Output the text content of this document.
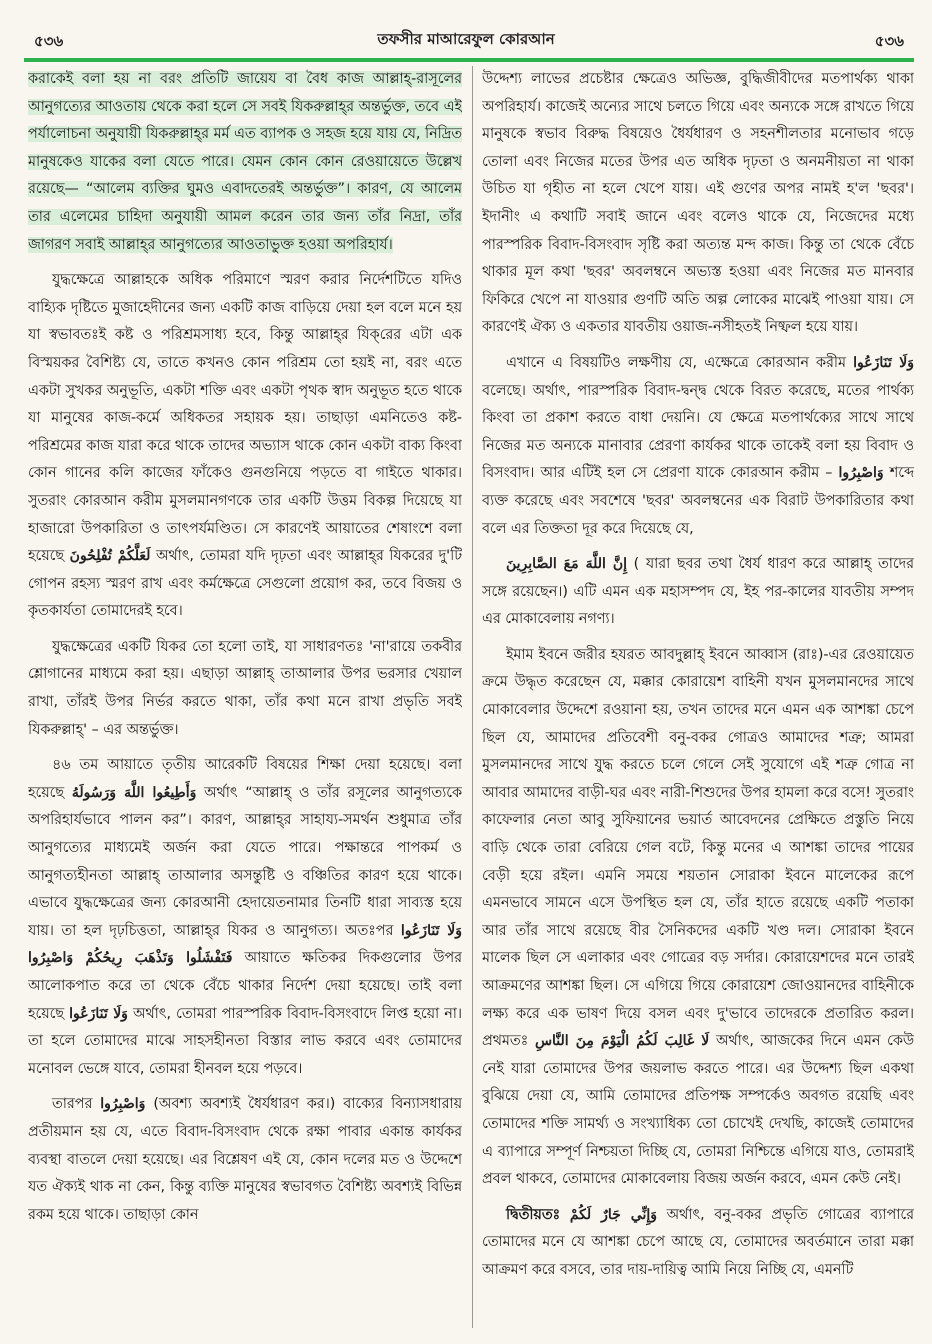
৫৩৬	তফসীর মাআরেফুল কোরআন	৫৩৬

করাকেই বলা হয় না বরং প্রতিটি জায়েয বা বৈধ কাজ আল্লাহ্‌-রাসূলের আনুগত্যের আওতায় থেকে করা হলে সে সবই যিকরুল্লাহ্‌র অন্তর্ভুক্ত, তবে এই পর্যালোচনা অনুযায়ী যিকরুল্লাহ্‌র মর্ম এত ব্যাপক ও সহজ হয়ে যায় যে, নিদ্রিত মানুষকেও যাকের বলা যেতে পারে। যেমন কোন কোন রেওয়ায়েতে উল্লেখ রয়েছে— “আলেম ব্যক্তির ঘুমও এবাদতেরই অন্তর্ভুক্ত”। কারণ, যে আলেম তার এলেমের চাহিদা অনুযায়ী আমল করেন তার জন্য তাঁর নিদ্রা, তাঁর জাগরণ সবাই আল্লাহ্‌র আনুগত্যের আওতাভুক্ত হওয়া অপরিহার্য।

যুদ্ধক্ষেত্রে আল্লাহকে অধিক পরিমাণে স্মরণ করার নির্দেশটিতে যদিও বাহ্যিক দৃষ্টিতে মুজাহেদীনের জন্য একটি কাজ বাড়িয়ে দেয়া হল বলে মনে হয় যা স্বভাবতঃই কষ্ট ও পরিশ্রমসাধ্য হবে, কিন্তু আল্লাহ্‌র যিক্‌রের এটা এক বিস্ময়কর বৈশিষ্ট্য যে, তাতে কখনও কোন পরিশ্রম তো হয়ই না, বরং এতে একটা সুখকর অনুভূতি, একটা শক্তি এবং একটা পৃথক স্বাদ অনুভূত হতে থাকে যা মানুষের কাজ-কর্মে অধিকতর সহায়ক হয়। তাছাড়া এমনিতেও কষ্ট-পরিশ্রমের কাজ যারা করে থাকে তাদের অভ্যাস থাকে কোন একটা বাক্য কিংবা কোন গানের কলি কাজের ফাঁকেও গুনগুনিয়ে পড়তে বা গাইতে থাকার। সুতরাং কোরআন করীম মুসলমানগণকে তার একটি উত্তম বিকল্প দিয়েছে যা হাজারো উপকারিতা ও তাৎপর্যমণ্ডিত। সে কারণেই আয়াতের শেষাংশে বলা হয়েছে لَعَلَّكُمْ تُفْلِحُونَ অর্থাৎ, তোমরা যদি দৃঢ়তা এবং আল্লাহ্‌র যিকরের দু'টি গোপন রহস্য স্মরণ রাখ এবং কর্মক্ষেত্রে সেগুলো প্রয়োগ কর, তবে বিজয় ও কৃতকার্যতা তোমাদেরই হবে।

যুদ্ধক্ষেত্রের একটি যিকর তো হলো তাই, যা সাধারণতঃ 'না'রায়ে তকবীর শ্লোগানের মাধ্যমে করা হয়। এছাড়া আল্লাহ্‌ তাআলার উপর ভরসার খেয়াল রাখা, তাঁরই উপর নির্ভর করতে থাকা, তাঁর কথা মনে রাখা প্রভৃতি সবই যিকরুল্লাহ্‌' – এর অন্তর্ভুক্ত।

৪৬ তম আয়াতে তৃতীয় আরেকটি বিষয়ের শিক্ষা দেয়া হয়েছে। বলা হয়েছে وَأَطِيعُوا اللَّهَ وَرَسُولَهُ অর্থাৎ “আল্লাহ্‌ ও তাঁর রসূলের আনুগত্যকে অপরিহার্যভাবে পালন কর”। কারণ, আল্লাহ্‌র সাহায্য-সমর্থন শুধুমাত্র তাঁর আনুগত্যের মাধ্যমেই অর্জন করা যেতে পারে। পক্ষান্তরে পাপকর্ম ও আনুগত্যহীনতা আল্লাহ্‌ তাআলার অসন্তুষ্টি ও বঞ্চিতির কারণ হয়ে থাকে। এভাবে যুদ্ধক্ষেত্রের জন্য কোরআনী হেদায়েতনামার তিনটি ধারা সাব্যস্ত হয়ে যায়। তা হল দৃঢ়চিত্ততা, আল্লাহ্‌র যিকর ও আনুগত্য। অতঃপর وَلَا تَنَازَعُوا فَتَفْشَلُوا وَتَذْهَبَ رِيحُكُمْ وَاصْبِرُوا আয়াতে ক্ষতিকর দিকগুলোর উপর আলোকপাত করে তা থেকে বেঁচে থাকার নির্দেশ দেয়া হয়েছে। তাই বলা হয়েছে وَلَا تَنَازَعُوا অর্থাৎ, তোমরা পারস্পরিক বিবাদ-বিসংবাদে লিপ্ত হয়ো না। তা হলে তোমাদের মাঝে সাহসহীনতা বিস্তার লাভ করবে এবং তোমাদের মনোবল ভেঙ্গে যাবে, তোমরা হীনবল হয়ে পড়বে।

তারপর وَاصْبِرُوا (অবশ্য অবশ্যই ধৈর্যধারণ কর।) বাক্যের বিন্যাসধারায় প্রতীয়মান হয় যে, এতে বিবাদ-বিসংবাদ থেকে রক্ষা পাবার একান্ত কার্যকর ব্যবস্থা বাতলে দেয়া হয়েছে। এর বিশ্লেষণ এই যে, কোন দলের মত ও উদ্দেশে যত ঐক্যই থাক না কেন, কিন্তু ব্যক্তি মানুষের স্বভাবগত বৈশিষ্ট্য অবশ্যই বিভিন্ন রকম হয়ে থাকে। তাছাড়া কোন

উদ্দেশ্য লাভের প্রচেষ্টার ক্ষেত্রেও অভিজ্ঞ, বুদ্ধিজীবীদের মতপার্থক্য থাকা অপরিহার্য। কাজেই অন্যের সাথে চলতে গিয়ে এবং অন্যকে সঙ্গে রাখতে গিয়ে মানুষকে স্বভাব বিরুদ্ধ বিষয়েও ধৈর্যধারণ ও সহনশীলতার মনোভাব গড়ে তোলা এবং নিজের মতের উপর এত অধিক দৃঢ়তা ও অনমনীয়তা না থাকা উচিত যা গৃহীত না হলে খেপে যায়। এই গুণের অপর নামই হ'ল 'ছবর'। ইদানীং এ কথাটি সবাই জানে এবং বলেও থাকে যে, নিজেদের মধ্যে পারস্পরিক বিবাদ-বিসংবাদ সৃষ্টি করা অত্যন্ত মন্দ কাজ। কিন্তু তা থেকে বেঁচে থাকার মূল কথা 'ছবর' অবলম্বনে অভ্যস্ত হওয়া এবং নিজের মত মানবার ফিকিরে খেপে না যাওয়ার গুণটি অতি অল্প লোকের মাঝেই পাওয়া যায়। সে কারণেই ঐক্য ও একতার যাবতীয় ওয়াজ-নসীহতই নিষ্ফল হয়ে যায়।

এখানে এ বিষয়টিও লক্ষণীয় যে, এক্ষেত্রে কোরআন করীম وَلَا تَنَازَعُوا বলেছে। অর্থাৎ, পারস্পরিক বিবাদ-দ্বন্দ্ব থেকে বিরত করেছে, মতের পার্থক্য কিংবা তা প্রকাশ করতে বাধা দেয়নি। যে ক্ষেত্রে মতপার্থক্যের সাথে সাথে নিজের মত অন্যকে মানাবার প্রেরণা কার্যকর থাকে তাকেই বলা হয় বিবাদ ও বিসংবাদ। আর এটিই হল সে প্রেরণা যাকে কোরআন করীম – وَاصْبِرُوا শব্দে ব্যক্ত করেছে এবং সবশেষে 'ছবর' অবলম্বনের এক বিরাট উপকারিতার কথা বলে এর তিক্ততা দূর করে দিয়েছে যে,

إِنَّ اللَّهَ مَعَ الصَّابِرِينَ ( যারা ছবর তথা ধৈর্য ধারণ করে আল্লাহ্‌ তাদের সঙ্গে রয়েছেন।) এটি এমন এক মহাসম্পদ যে, ইহ পর-কালের যাবতীয় সম্পদ এর মোকাবেলায় নগণ্য।

ইমাম ইবনে জরীর হযরত আবদুল্লাহ্‌ ইবনে আব্বাস (রাঃ)-এর রেওয়ায়েত ক্রমে উদ্ধৃত করেছেন যে, মক্কার কোরায়েশ বাহিনী যখন মুসলমানদের সাথে মোকাবেলার উদ্দেশে রওয়ানা হয়, তখন তাদের মনে এমন এক আশঙ্কা চেপে ছিল যে, আমাদের প্রতিবেশী বনু-বকর গোত্রও আমাদের শত্রু; আমরা মুসলমানদের সাথে যুদ্ধ করতে চলে গেলে সেই সুযোগে এই শত্রু গোত্র না আবার আমাদের বাড়ী-ঘর এবং নারী-শিশুদের উপর হামলা করে বসে! সুতরাং কাফেলার নেতা আবু সুফিয়ানের ভয়ার্ত আবেদনের প্রেক্ষিতে প্রস্তুতি নিয়ে বাড়ি থেকে তারা বেরিয়ে গেল বটে, কিন্তু মনের এ আশঙ্কা তাদের পায়ের বেড়ী হয়ে রইল। এমনি সময়ে শয়তান সোরাকা ইবনে মালেকের রূপে এমনভাবে সামনে এসে উপস্থিত হল যে, তাঁর হাতে রয়েছে একটি পতাকা আর তাঁর সাথে রয়েছে বীর সৈনিকদের একটি খণ্ড দল। সোরাকা ইবনে মালেক ছিল সে এলাকার এবং গোত্রের বড় সর্দার। কোরায়েশদের মনে তারই আক্রমণের আশঙ্কা ছিল। সে এগিয়ে গিয়ে কোরায়েশ জোওয়ানদের বাহিনীকে লক্ষ্য করে এক ভাষণ দিয়ে বসল এবং দু'ভাবে তাদেরকে প্রতারিত করল। প্রথমতঃ لَا غَالِبَ لَكُمُ الْيَوْمَ مِنَ النَّاسِ অর্থাৎ, আজকের দিনে এমন কেউ নেই যারা তোমাদের উপর জয়লাভ করতে পারে। এর উদ্দেশ্য ছিল একথা বুঝিয়ে দেয়া যে, আমি তোমাদের প্রতিপক্ষ সম্পর্কেও অবগত রয়েছি এবং তোমাদের শক্তি সামর্থ্য ও সংখ্যাধিক্য তো চোখেই দেখছি, কাজেই তোমাদের এ ব্যাপারে সম্পূর্ণ নিশ্চয়তা দিচ্ছি যে, তোমরা নিশ্চিন্তে এগিয়ে যাও, তোমরাই প্রবল থাকবে, তোমাদের মোকাবেলায় বিজয় অর্জন করবে, এমন কেউ নেই।

দ্বিতীয়তঃ وَإِنِّي جَارٌ لَكُمْ অর্থাৎ, বনু-বকর প্রভৃতি গোত্রের ব্যাপারে তোমাদের মনে যে আশঙ্কা চেপে আছে যে, তোমাদের অবর্তমানে তারা মক্কা আক্রমণ করে বসবে, তার দায়-দায়িত্ব আমি নিয়ে নিচ্ছি যে, এমনটি
